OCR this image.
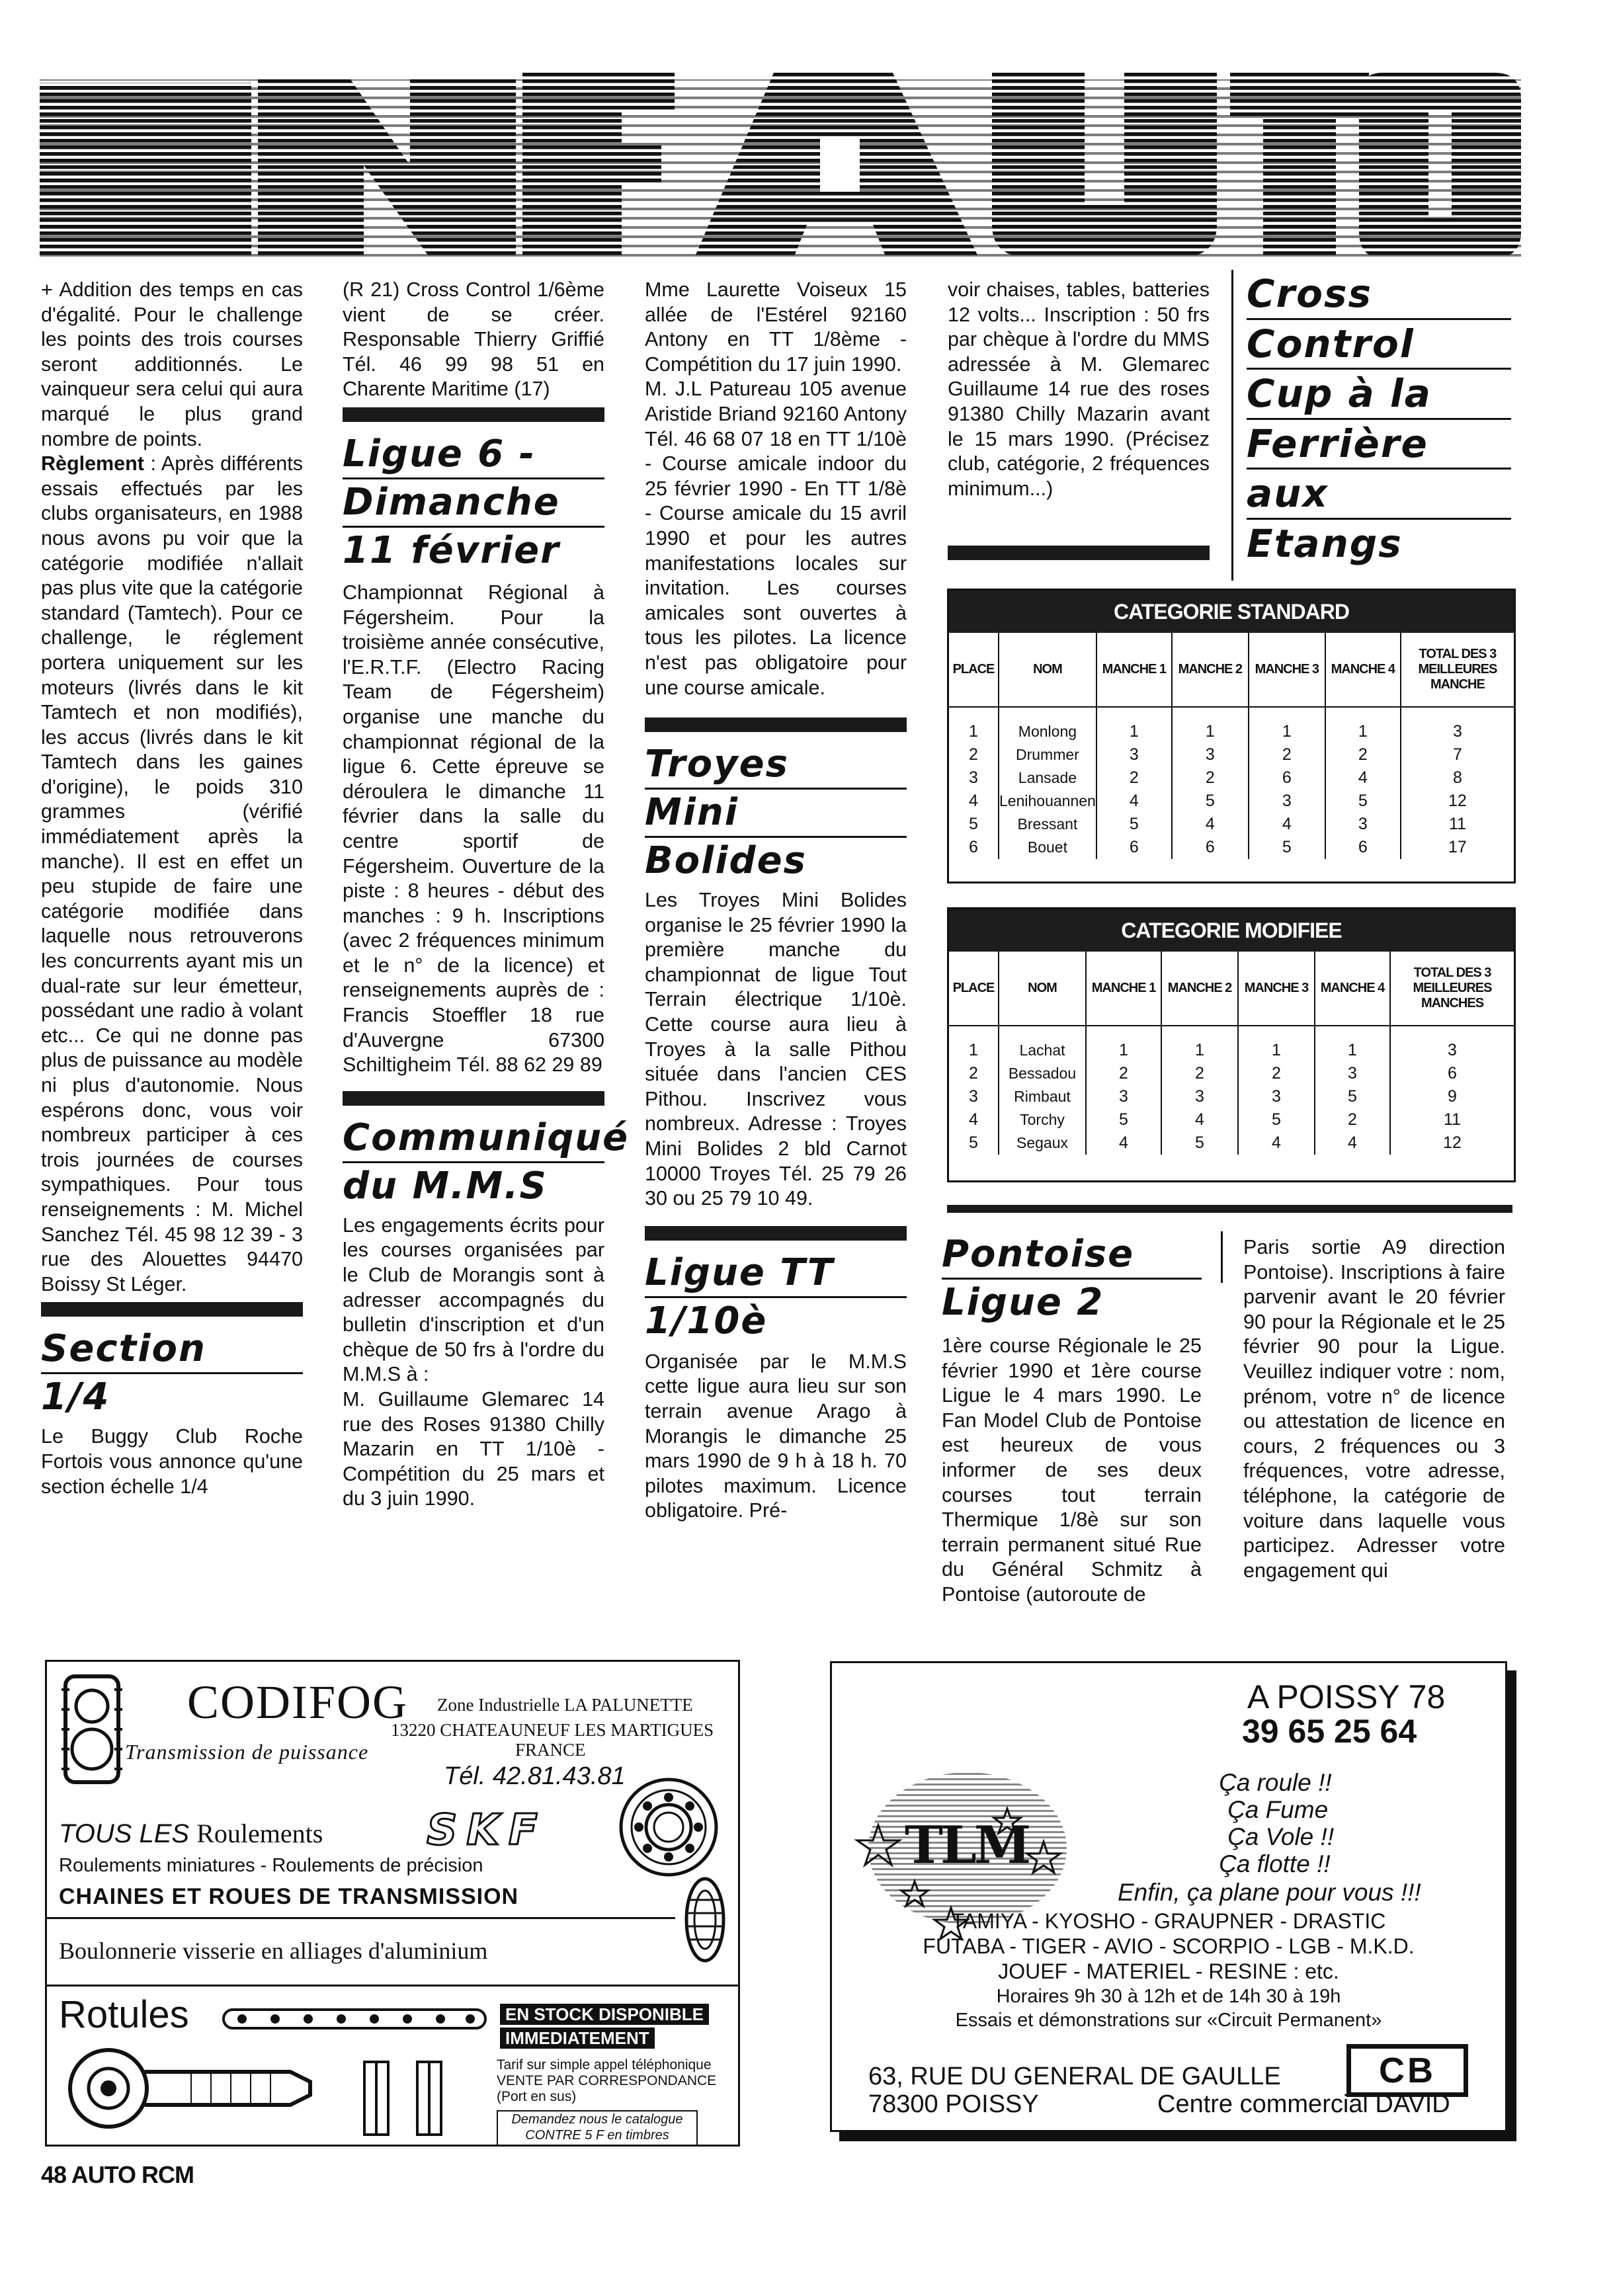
+ Addition des temps en cas d'égalité. Pour le challenge les points des trois courses seront additionnés. Le vainqueur sera celui qui aura marqué le plus grand nombre de points.

Règlement : Après différents essais effectués par les clubs organisateurs, en 1988 nous avons pu voir que la catégorie modifiée n'allait pas plus vite que la catégorie standard (Tamtech). Pour ce challenge, le réglement portera uniquement sur les moteurs (livrés dans le kit Tamtech et non modifiés), les accus (livrés dans le kit Tamtech dans les gaines d'origine), le poids 310 grammes (vérifié immédiatement après la manche). Il est en effet un peu stupide de faire une catégorie modifiée dans laquelle nous retrouverons les concurrents ayant mis un dual-rate sur leur émetteur, possédant une radio à volant etc... Ce qui ne donne pas plus de puissance au modèle ni plus d'autonomie. Nous espérons donc, vous voir nombreux participer à ces trois journées de courses sympathiques. Pour tous renseignements : M. Michel Sanchez Tél. 45 98 12 39 - 3 rue des Alouettes 94470 Boissy St Léger.

Section
1/4

Le Buggy Club Roche Fortois vous annonce qu'une section échelle 1/4

(R 21) Cross Control 1/6ème vient de se créer. Responsable Thierry Griffié Tél. 46 99 98 51 en Charente Maritime (17)

Ligue 6 -
Dimanche
11 février

Championnat Régional à Fégersheim. Pour la troisième année consécutive, l'E.R.T.F. (Electro Racing Team de Fégersheim) organise une manche du championnat régional de la ligue 6. Cette épreuve se déroulera le dimanche 11 février dans la salle du centre sportif de Fégersheim. Ouverture de la piste : 8 heures - début des manches : 9 h. Inscriptions (avec 2 fréquences minimum et le n° de la licence) et renseignements auprès de : Francis Stoeffler 18 rue d'Auvergne 67300 Schiltigheim Tél. 88 62 29 89

Communiqué
du M.M.S

Les engagements écrits pour les courses organisées par le Club de Morangis sont à adresser accompagnés du bulletin d'inscription et d'un chèque de 50 frs à l'ordre du M.M.S à :

M. Guillaume Glemarec 14 rue des Roses 91380 Chilly Mazarin en TT 1/10è - Compétition du 25 mars et du 3 juin 1990.

Mme Laurette Voiseux 15 allée de l'Estérel 92160 Antony en TT 1/8ème - Compétition du 17 juin 1990.

M. J.L Patureau 105 avenue Aristide Briand 92160 Antony Tél. 46 68 07 18 en TT 1/10è - Course amicale indoor du 25 février 1990 - En TT 1/8è - Course amicale du 15 avril 1990 et pour les autres manifestations locales sur invitation. Les courses amicales sont ouvertes à tous les pilotes. La licence n'est pas obligatoire pour une course amicale.

Troyes
Mini
Bolides

Les Troyes Mini Bolides organise le 25 février 1990 la première manche du championnat de ligue Tout Terrain électrique 1/10è. Cette course aura lieu à Troyes à la salle Pithou située dans l'ancien CES Pithou. Inscrivez vous nombreux. Adresse : Troyes Mini Bolides 2 bld Carnot 10000 Troyes Tél. 25 79 26 30 ou 25 79 10 49.

Ligue TT
1/10è

Organisée par le M.M.S cette ligue aura lieu sur son terrain avenue Arago à Morangis le dimanche 25 mars 1990 de 9 h à 18 h. 70 pilotes maximum. Licence obligatoire. Pré-

voir chaises, tables, batteries 12 volts... Inscription : 50 frs par chèque à l'ordre du MMS adressée à M. Glemarec Guillaume 14 rue des roses 91380 Chilly Mazarin avant le 15 mars 1990. (Précisez club, catégorie, 2 fréquences minimum...)

Cross
Control
Cup à la
Ferrière
aux
Etangs
CATEGORIE STANDARD
PLACE	NOM	MANCHE 1	MANCHE 2	MANCHE 3	MANCHE 4	TOTAL DES 3 MEILLEURES MANCHE

1	Monlong	1	1	1	1	3
2	Drummer	3	3	2	2	7
3	Lansade	2	2	6	4	8
4	Lenihouannen	4	5	3	5	12
5	Bressant	5	4	4	3	11
6	Bouet	6	6	5	6	17
CATEGORIE MODIFIEE
PLACE	NOM	MANCHE 1	MANCHE 2	MANCHE 3	MANCHE 4	TOTAL DES 3 MEILLEURES MANCHES

1	Lachat	1	1	1	1	3
2	Bessadou	2	2	2	3	6
3	Rimbaut	3	3	3	5	9
4	Torchy	5	4	5	2	11
5	Segaux	4	5	4	4	12
Pontoise
Ligue 2

1ère course Régionale le 25 février 1990 et 1ère course Ligue le 4 mars 1990. Le Fan Model Club de Pontoise est heureux de vous informer de ses deux courses tout terrain Thermique 1/8è sur son terrain permanent situé Rue du Général Schmitz à Pontoise (autoroute de

Paris sortie A9 direction Pontoise). Inscriptions à faire parvenir avant le 20 février 90 pour la Régionale et le 25 février 90 pour la Ligue. Veuillez indiquer votre : nom, prénom, votre n° de licence ou attestation de licence en cours, 2 fréquences ou 3 fréquences, votre adresse, téléphone, la catégorie de voiture dans laquelle vous participez. Adresser votre engagement qui

CODIFOG Zone Industrielle LA PALUNETTE
13220 CHATEAUNEUF LES MARTIGUES
Transmission de puissance	FRANCE
Tél. 42.81.43.81
TOUS LES Roulements	SKF
Roulements miniatures - Roulements de précision
CHAINES ET ROUES DE TRANSMISSION
Boulonnerie visserie en alliages d'aluminium
Rotules	EN STOCK DISPONIBLE
IMMEDIATEMENT
Tarif sur simple appel téléphonique
VENTE PAR CORRESPONDANCE
(Port en sus)
Demandez nous le catalogue
CONTRE 5 F en timbres
TLM
A POISSY 78
39 65 25 64
Ça roule !!
Ça Fume
Ça Vole !!
Ça flotte !!
Enfin, ça plane pour vous !!!
TAMIYA - KYOSHO - GRAUPNER - DRASTIC
FUTABA - TIGER - AVIO - SCORPIO - LGB - M.K.D.
JOUEF - MATERIEL - RESINE : etc.
Horaires 9h 30 à 12h et de 14h 30 à 19h
Essais et démonstrations sur «Circuit Permanent»
63, RUE DU GENERAL DE GAULLE
78300 POISSY	Centre commercial DAVID
CB
48 AUTO RCM
